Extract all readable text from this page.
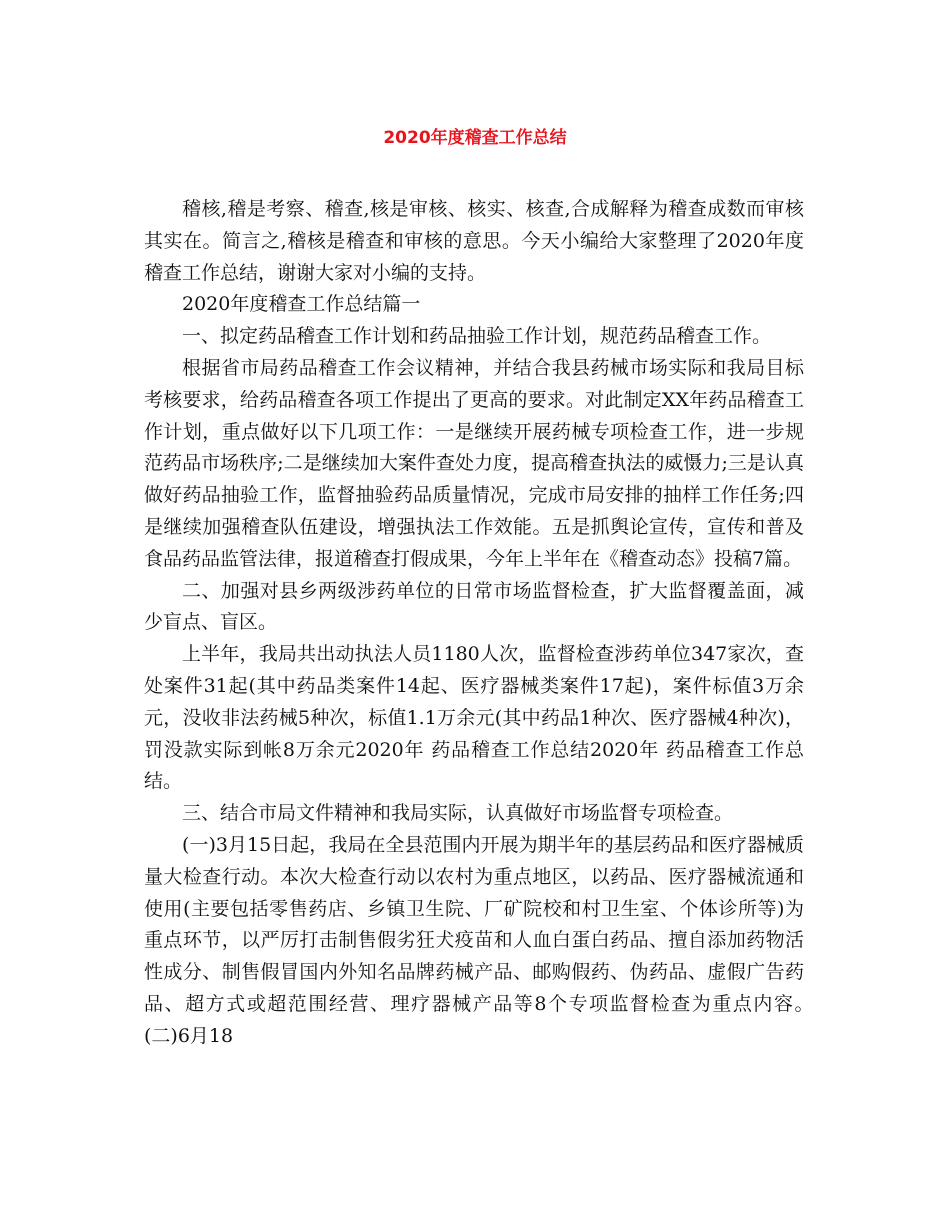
2020年度稽查工作总结

稽核,稽是考察、稽查,核是审核、核实、核查,合成解释为稽查成数而审核其实在。简言之,稽核是稽查和审核的意思。今天小编给大家整理了2020年度稽查工作总结，谢谢大家对小编的支持。

2020年度稽查工作总结篇一

一、拟定药品稽查工作计划和药品抽验工作计划，规范药品稽查工作。

根据省市局药品稽查工作会议精神，并结合我县药械市场实际和我局目标考核要求，给药品稽查各项工作提出了更高的要求。对此制定XX年药品稽查工作计划，重点做好以下几项工作：一是继续开展药械专项检查工作，进一步规范药品市场秩序;二是继续加大案件查处力度，提高稽查执法的威慑力;三是认真做好药品抽验工作，监督抽验药品质量情况，完成市局安排的抽样工作任务;四是继续加强稽查队伍建设，增强执法工作效能。五是抓舆论宣传，宣传和普及食品药品监管法律，报道稽查打假成果，今年上半年在《稽查动态》投稿7篇。

二、加强对县乡两级涉药单位的日常市场监督检查，扩大监督覆盖面，减少盲点、盲区。

上半年，我局共出动执法人员1180人次，监督检查涉药单位347家次，查处案件31起(其中药品类案件14起、医疗器械类案件17起)，案件标值3万余元，没收非法药械5种次，标值1.1万余元(其中药品1种次、医疗器械4种次)，罚没款实际到帐8万余元2020年 药品稽查工作总结2020年 药品稽查工作总结。

三、结合市局文件精神和我局实际，认真做好市场监督专项检查。

(一)3月15日起，我局在全县范围内开展为期半年的基层药品和医疗器械质量大检查行动。本次大检查行动以农村为重点地区，以药品、医疗器械流通和使用(主要包括零售药店、乡镇卫生院、厂矿院校和村卫生室、个体诊所等)为重点环节，以严厉打击制售假劣狂犬疫苗和人血白蛋白药品、擅自添加药物活性成分、制售假冒国内外知名品牌药械产品、邮购假药、伪药品、虚假广告药品、超方式或超范围经营、理疗器械产品等8个专项监督检查为重点内容。　　(二)6月18
